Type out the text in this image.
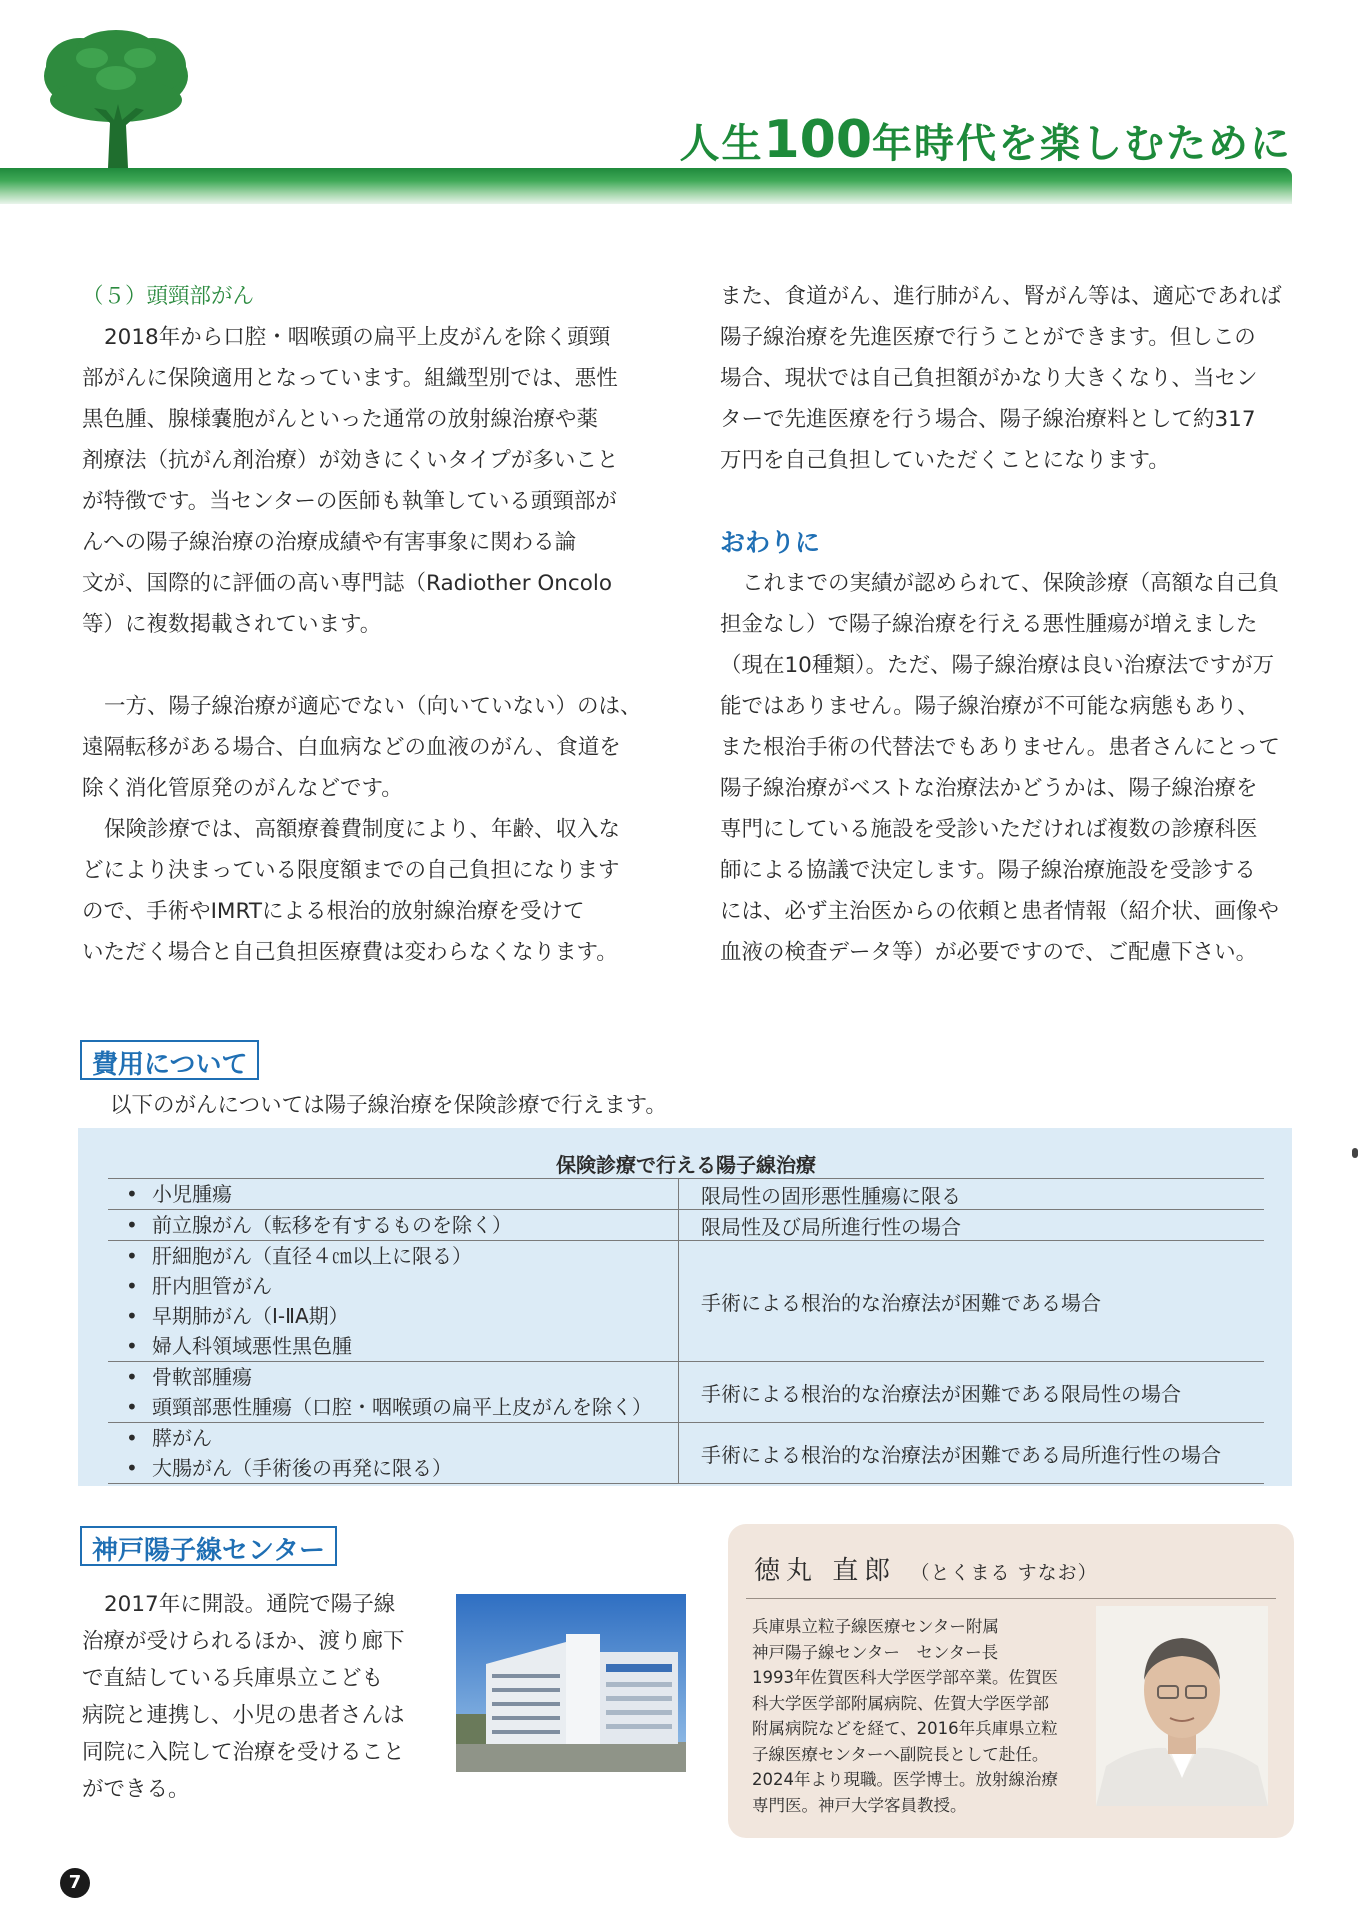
人生100年時代を楽しむために

（５）頭頸部がん

2018年から口腔・咽喉頭の扁平上皮がんを除く頭頸

部がんに保険適用となっています。組織型別では、悪性

黒色腫、腺様嚢胞がんといった通常の放射線治療や薬

剤療法（抗がん剤治療）が効きにくいタイプが多いこと

が特徴です。当センターの医師も執筆している頭頸部が

んへの陽子線治療の治療成績や有害事象に関わる論

文が、国際的に評価の高い専門誌（Radiother Oncolo

等）に複数掲載されています。

一方、陽子線治療が適応でない（向いていない）のは、

遠隔転移がある場合、白血病などの血液のがん、食道を

除く消化管原発のがんなどです。

保険診療では、高額療養費制度により、年齢、収入な

どにより決まっている限度額までの自己負担になります

ので、手術やIMRTによる根治的放射線治療を受けて

いただく場合と自己負担医療費は変わらなくなります。

また、食道がん、進行肺がん、腎がん等は、適応であれば

陽子線治療を先進医療で行うことができます。但しこの

場合、現状では自己負担額がかなり大きくなり、当セン

ターで先進医療を行う場合、陽子線治療料として約317

万円を自己負担していただくことになります。

おわりに

これまでの実績が認められて、保険診療（高額な自己負

担金なし）で陽子線治療を行える悪性腫瘍が増えました

（現在10種類）。ただ、陽子線治療は良い治療法ですが万

能ではありません。陽子線治療が不可能な病態もあり、

また根治手術の代替法でもありません。患者さんにとって

陽子線治療がベストな治療法かどうかは、陽子線治療を

専門にしている施設を受診いただければ複数の診療科医

師による協議で決定します。陽子線治療施設を受診する

には、必ず主治医からの依頼と患者情報（紹介状、画像や

血液の検査データ等）が必要ですので、ご配慮下さい。

費用について
以下のがんについては陽子線治療を保険診療で行えます。
保険診療で行える陽子線治療	

• 小児腫瘍	限局性の固形悪性腫瘍に限る

• 前立腺がん（転移を有するものを除く）	限局性及び局所進行性の場合

• 肝細胞がん（直径４㎝以上に限る）
• 肝内胆管がん
• 早期肺がん（Ⅰ-ⅡA期）
• 婦人科領域悪性黒色腫	手術による根治的な治療法が困難である場合

• 骨軟部腫瘍
• 頭頸部悪性腫瘍（口腔・咽喉頭の扁平上皮がんを除く）	手術による根治的な治療法が困難である限局性の場合

• 膵がん
• 大腸がん（手術後の再発に限る）	手術による根治的な治療法が困難である局所進行性の場合
神戸陽子線センター
2017年に開設。通院で陽子線
治療が受けられるほか、渡り廊下
で直結している兵庫県立こども
病院と連携し、小児の患者さんは
同院に入院して治療を受けること
ができる。
徳丸 直郎 （とくまる すなお）
兵庫県立粒子線医療センター附属
神戸陽子線センター　センター長
1993年佐賀医科大学医学部卒業。佐賀医
科大学医学部附属病院、佐賀大学医学部
附属病院などを経て、2016年兵庫県立粒
子線医療センターへ副院長として赴任。
2024年より現職。医学博士。放射線治療
専門医。神戸大学客員教授。
7
